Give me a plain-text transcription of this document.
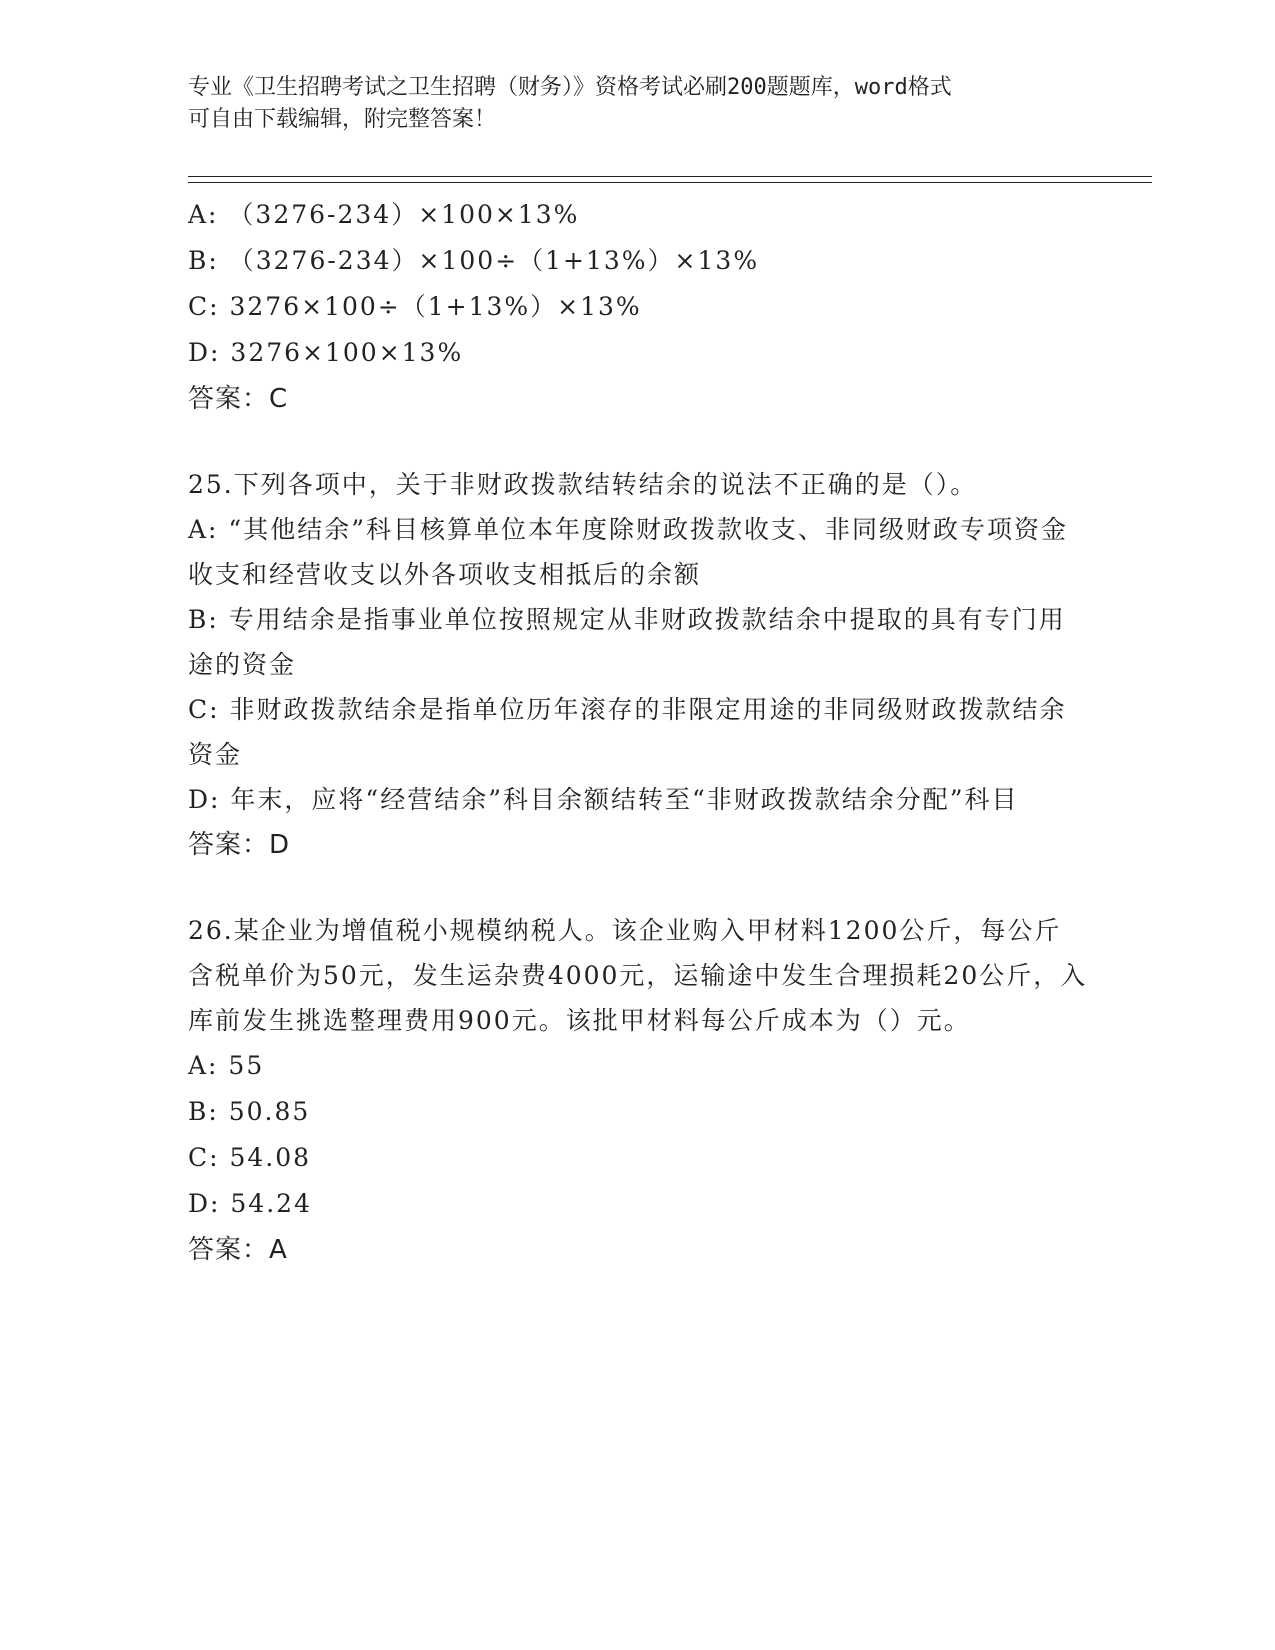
专业《卫生招聘考试之卫生招聘（财务）》资格考试必刷200题题库，word格式
可自由下载编辑，附完整答案！
A: （3276-234）×100×13%
B: （3276-234）×100÷（1+13%）×13%
C: 3276×100÷（1+13%）×13%
D: 3276×100×13%
答案：C
25.下列各项中，关于非财政拨款结转结余的说法不正确的是（）。
A: “其他结余”科目核算单位本年度除财政拨款收支、非同级财政专项资金收支和经营收支以外各项收支相抵后的余额
B: 专用结余是指事业单位按照规定从非财政拨款结余中提取的具有专门用途的资金
C: 非财政拨款结余是指单位历年滚存的非限定用途的非同级财政拨款结余资金
D: 年末，应将“经营结余”科目余额结转至“非财政拨款结余分配”科目
答案：D
26.某企业为增值税小规模纳税人。该企业购入甲材料1200公斤，每公斤含税单价为50元，发生运杂费4000元，运输途中发生合理损耗20公斤，入库前发生挑选整理费用900元。该批甲材料每公斤成本为（）元。
A: 55
B: 50.85
C: 54.08
D: 54.24
答案：A
